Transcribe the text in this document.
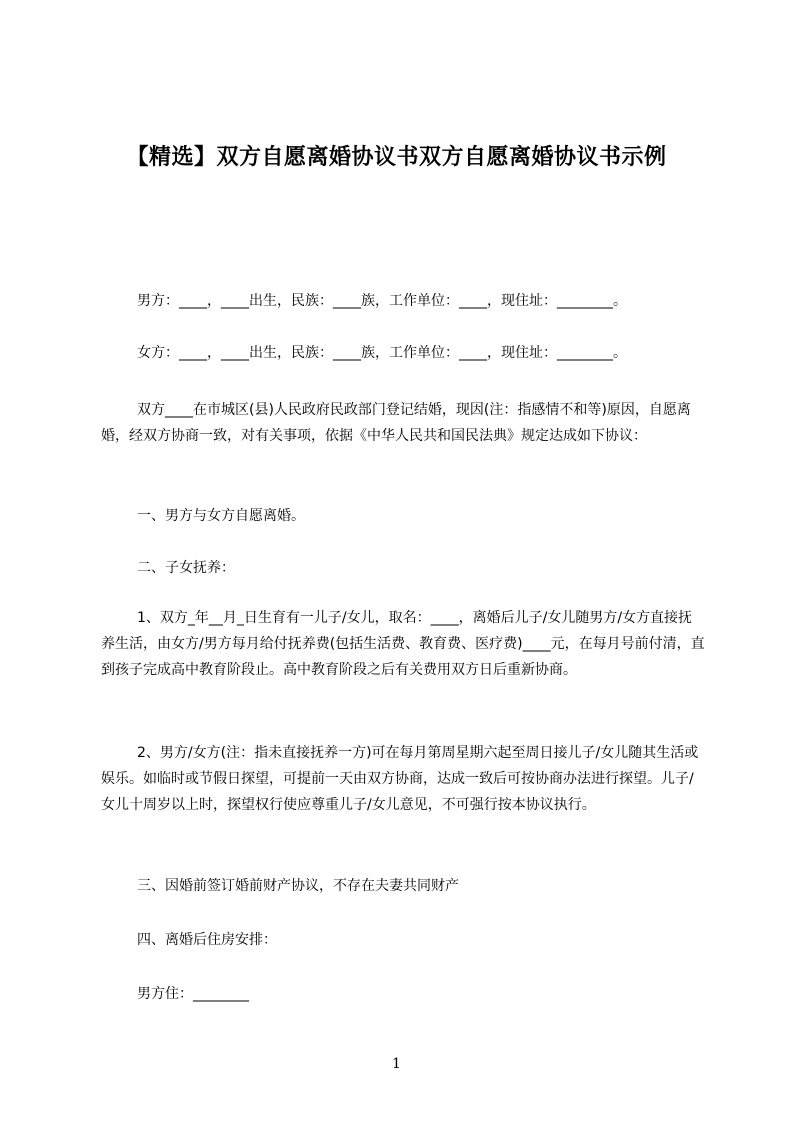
【精选】双方自愿离婚协议书双方自愿离婚协议书示例

男方：____，____出生，民族：____族，工作单位：____，现住址：________。

女方：____，____出生，民族：____族，工作单位：____，现住址：________。

双方____在市城区(县)人民政府民政部门登记结婚，现因(注：指感情不和等)原因，自愿离婚，经双方协商一致，对有关事项，依据《中华人民共和国民法典》规定达成如下协议：

一、男方与女方自愿离婚。

二、子女抚养：

1、双方_年__月_日生育有一儿子/女儿，取名：____，离婚后儿子/女儿随男方/女方直接抚养生活，由女方/男方每月给付抚养费(包括生活费、教育费、医疗费)____元，在每月号前付清，直到孩子完成高中教育阶段止。高中教育阶段之后有关费用双方日后重新协商。

2、男方/女方(注：指未直接抚养一方)可在每月第周星期六起至周日接儿子/女儿随其生活或娱乐。如临时或节假日探望，可提前一天由双方协商，达成一致后可按协商办法进行探望。儿子/女儿十周岁以上时，探望权行使应尊重儿子/女儿意见，不可强行按本协议执行。

三、因婚前签订婚前财产协议，不存在夫妻共同财产

四、离婚后住房安排：

男方住：________

1
